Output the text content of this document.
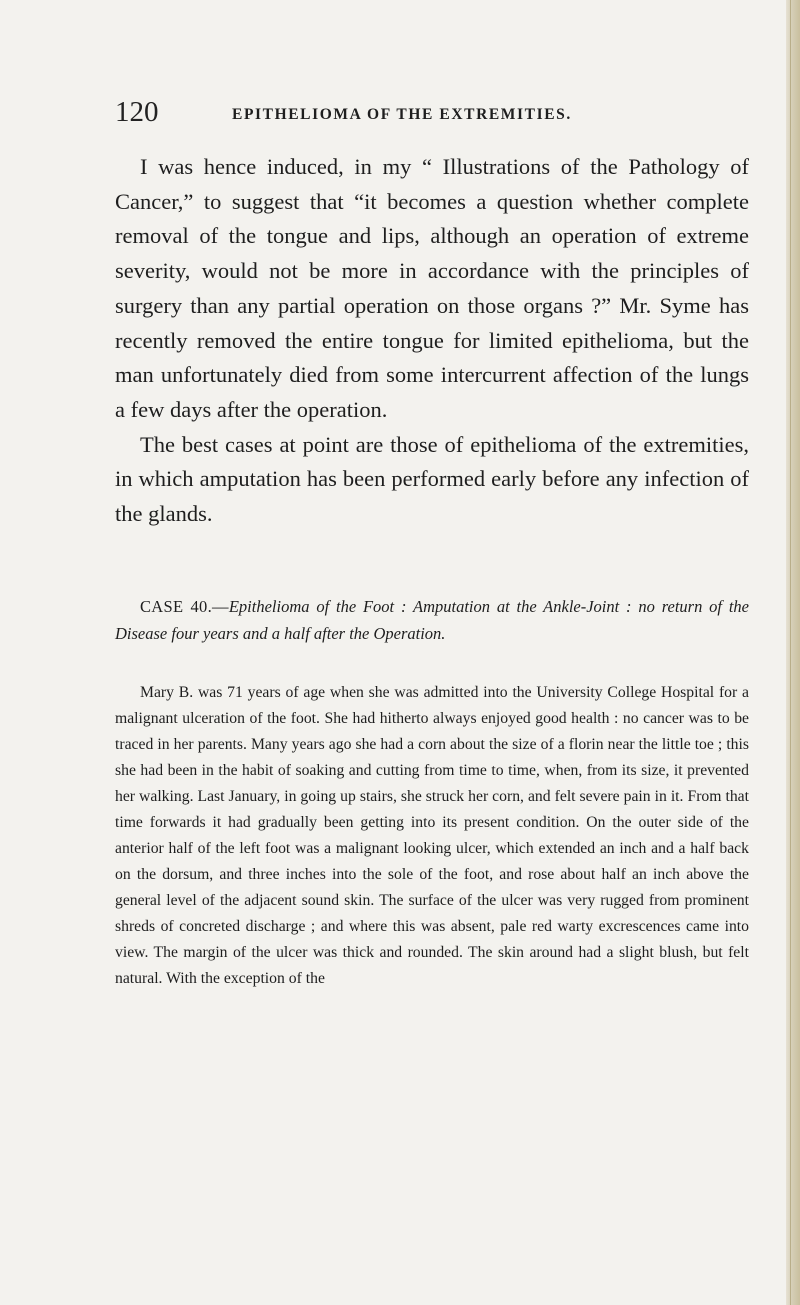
120	EPITHELIOMA OF THE EXTREMITIES.

I was hence induced, in my “ Illustrations of the Pathology of Cancer,” to suggest that “it becomes a question whether complete removal of the tongue and lips, although an operation of extreme severity, would not be more in accordance with the principles of surgery than any partial operation on those organs ?” Mr. Syme has recently removed the entire tongue for limited epithelioma, but the man unfortunately died from some intercurrent affection of the lungs a few days after the operation.

The best cases at point are those of epithelioma of the extremities, in which amputation has been performed early before any infection of the glands.

CASE 40.—Epithelioma of the Foot : Amputation at the Ankle-Joint : no return of the Disease four years and a half after the Operation.

Mary B. was 71 years of age when she was admitted into the University College Hospital for a malignant ulceration of the foot. She had hitherto always enjoyed good health : no cancer was to be traced in her parents. Many years ago she had a corn about the size of a florin near the little toe ; this she had been in the habit of soaking and cutting from time to time, when, from its size, it prevented her walking. Last January, in going up stairs, she struck her corn, and felt severe pain in it. From that time forwards it had gradually been getting into its present condition. On the outer side of the anterior half of the left foot was a malignant looking ulcer, which extended an inch and a half back on the dorsum, and three inches into the sole of the foot, and rose about half an inch above the general level of the adjacent sound skin. The surface of the ulcer was very rugged from prominent shreds of concreted discharge ; and where this was absent, pale red warty excrescences came into view. The margin of the ulcer was thick and rounded. The skin around had a slight blush, but felt natural. With the exception of the
